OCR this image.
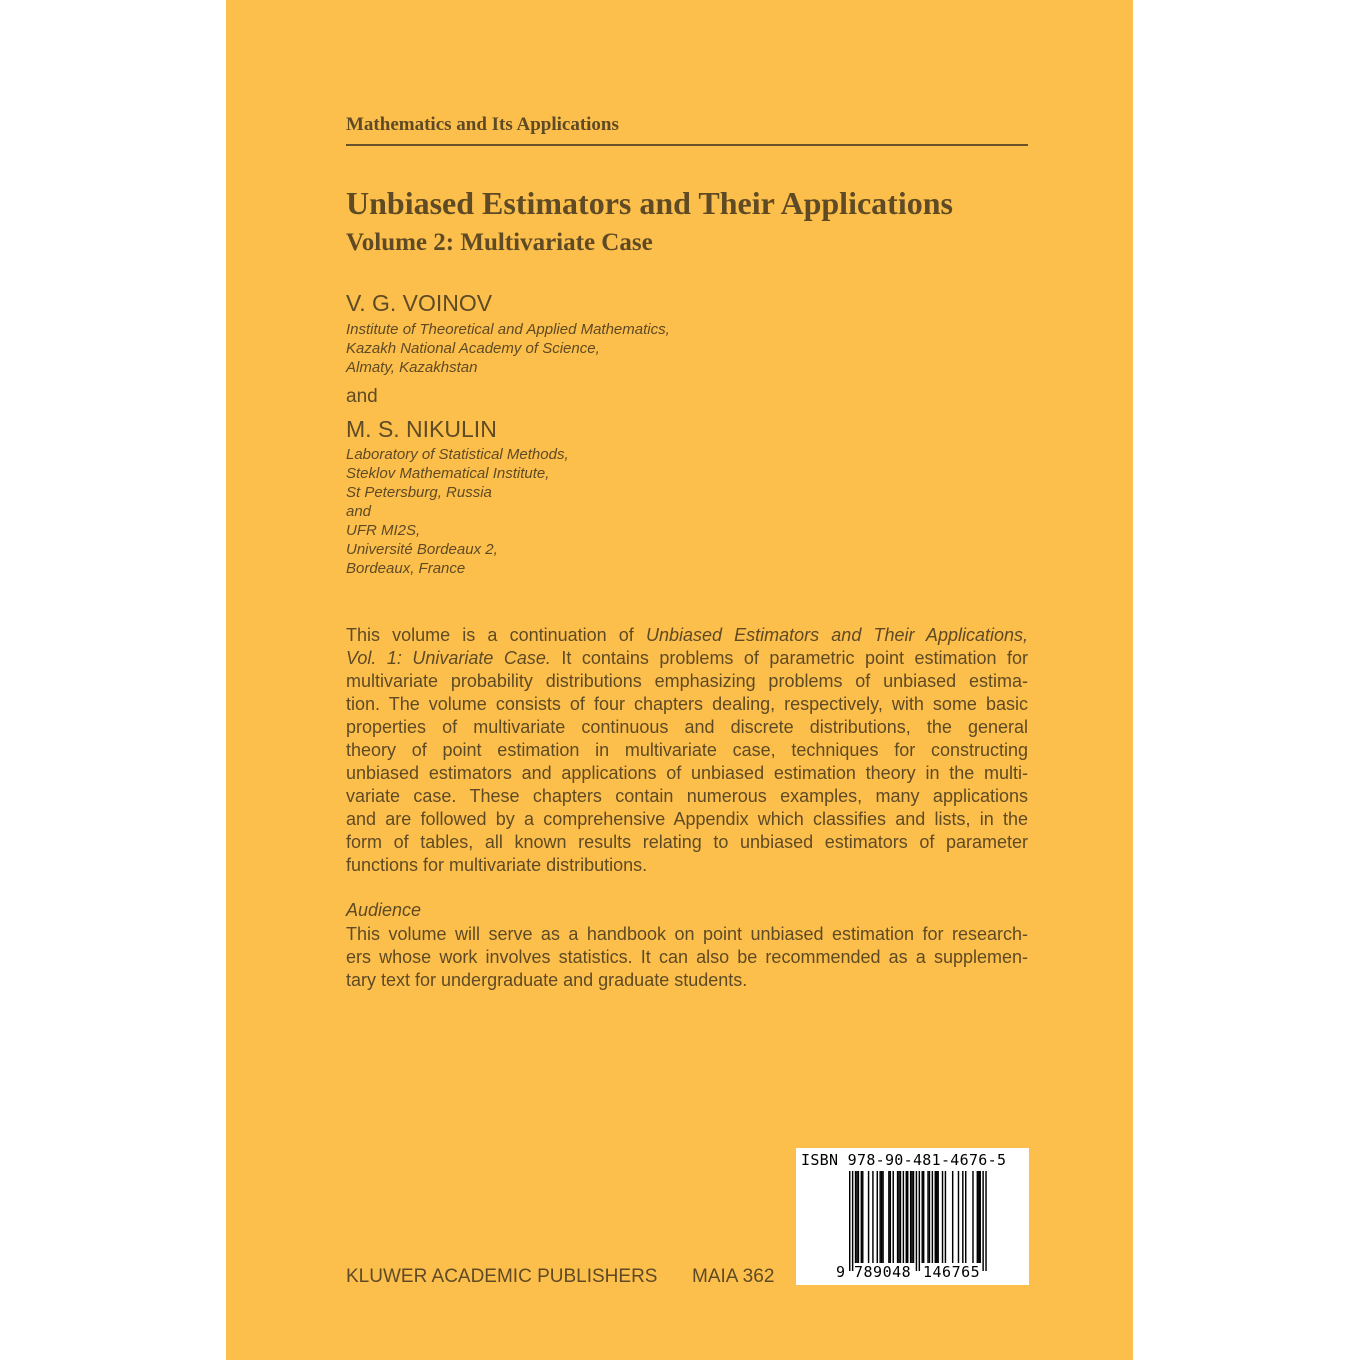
Mathematics and Its Applications
Unbiased Estimators and Their Applications
Volume 2: Multivariate Case
V. G. VOINOV
Institute of Theoretical and Applied Mathematics,
Kazakh National Academy of Science,
Almaty, Kazakhstan
and
M. S. NIKULIN
Laboratory of Statistical Methods,
Steklov Mathematical Institute,
St Petersburg, Russia
and
UFR MI2S,
Université Bordeaux 2,
Bordeaux, France
This volume is a continuation of Unbiased Estimators and Their Applications,
Vol. 1: Univariate Case. It contains problems of parametric point estimation for
multivariate probability distributions emphasizing problems of unbiased estima-
tion. The volume consists of four chapters dealing, respectively, with some basic
properties of multivariate continuous and discrete distributions, the general
theory of point estimation in multivariate case, techniques for constructing
unbiased estimators and applications of unbiased estimation theory in the multi-
variate case. These chapters contain numerous examples, many applications
and are followed by a comprehensive Appendix which classifies and lists, in the
form of tables, all known results relating to unbiased estimators of parameter
functions for multivariate distributions.
Audience
This volume will serve as a handbook on point unbiased estimation for research-
ers whose work involves statistics. It can also be recommended as a supplemen-
tary text for undergraduate and graduate students.
KLUWER ACADEMIC PUBLISHERS MAIA 362
ISBN 978-90-481-4676-5
9 789048 146765
